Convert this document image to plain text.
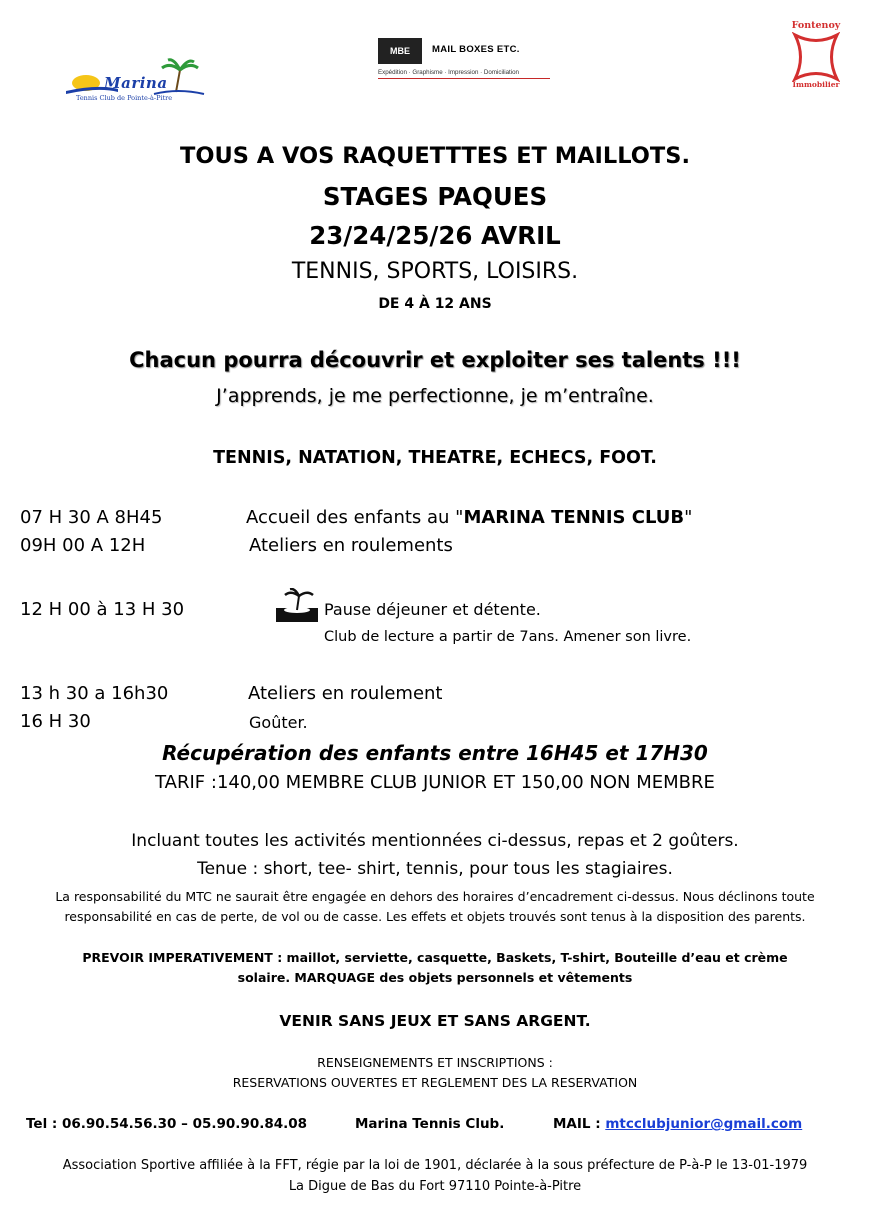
Marina
Tennis Club de Pointe-à-Pitre
MBE	MAIL BOXES ETC.
Expédition · Graphisme · Impression · Domiciliation
Fontenoy
Immobilier
TOUS A VOS RAQUETTTES ET MAILLOTS.
STAGES PAQUES
23/24/25/26 AVRIL
TENNIS, SPORTS, LOISIRS.
DE 4 À 12 ANS
Chacun pourra découvrir et exploiter ses talents !!!
J’apprends, je me perfectionne, je m’entraîne.
TENNIS, NATATION, THEATRE, ECHECS, FOOT.
07 H 30 A 8H45	Accueil des enfants au "MARINA TENNIS CLUB"
09H 00 A 12H	Ateliers en roulements
12 H 00 à 13 H 30	Pause déjeuner et détente.
Club de lecture a partir de 7ans. Amener son livre.
13 h 30 a 16h30	Ateliers en roulement
16 H 30	Goûter.
Récupération des enfants entre 16H45 et 17H30
TARIF :140,00 MEMBRE CLUB JUNIOR ET 150,00 NON MEMBRE
Incluant toutes les activités mentionnées ci-dessus, repas et 2 goûters.
Tenue : short, tee- shirt, tennis, pour tous les stagiaires.
La responsabilité du MTC ne saurait être engagée en dehors des horaires d’encadrement ci-dessus. Nous déclinons toute
responsabilité en cas de perte, de vol ou de casse. Les effets et objets trouvés sont tenus à la disposition des parents.
PREVOIR IMPERATIVEMENT : maillot, serviette, casquette, Baskets, T-shirt, Bouteille d’eau et crème
solaire. MARQUAGE des objets personnels et vêtements
VENIR SANS JEUX ET SANS ARGENT.
RENSEIGNEMENTS ET INSCRIPTIONS :
RESERVATIONS OUVERTES ET REGLEMENT DES LA RESERVATION
Tel : 06.90.54.56.30 – 05.90.90.84.08	Marina Tennis Club.	MAIL : mtcclubjunior@gmail.com
Association Sportive affiliée à la FFT, régie par la loi de 1901, déclarée à la sous préfecture de P-à-P le 13-01-1979
La Digue de Bas du Fort 97110 Pointe-à-Pitre
